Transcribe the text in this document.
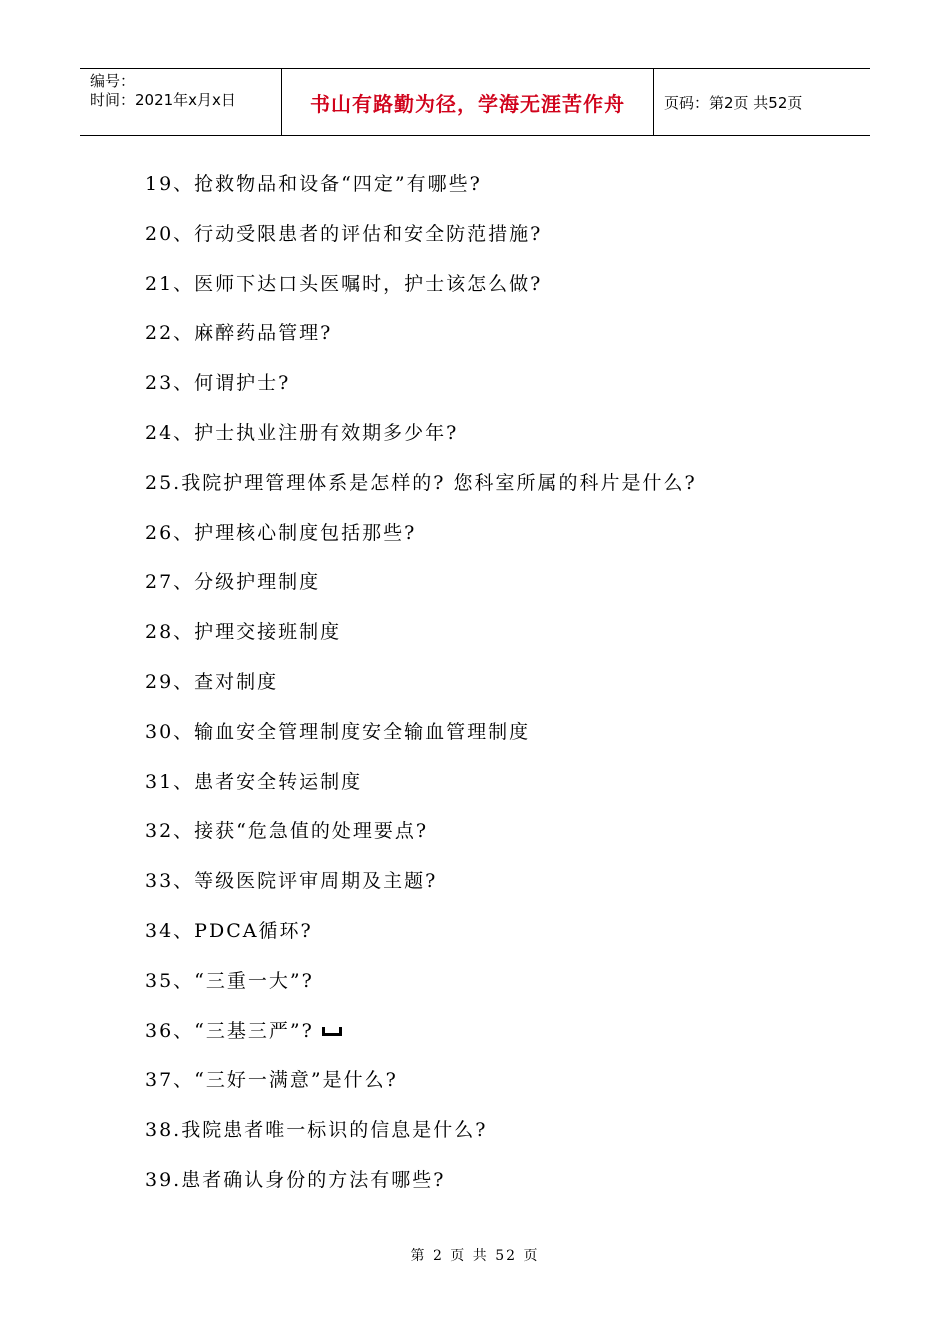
编号：
时间：2021年x月x日	书山有路勤为径，学海无涯苦作舟	页码：第2页 共52页
19、抢救物品和设备“四定”有哪些?
20、行动受限患者的评估和安全防范措施?
21、医师下达口头医嘱时，护士该怎么做?
22、麻醉药品管理?
23、何谓护士?
24、护士执业注册有效期多少年?
25.我院护理管理体系是怎样的? 您科室所属的科片是什么?
26、护理核心制度包括那些?
27、分级护理制度
28、护理交接班制度
29、查对制度
30、输血安全管理制度安全输血管理制度
31、患者安全转运制度
32、接获“危急值的处理要点?
33、等级医院评审周期及主题?
34、PDCA循环?
35、“三重一大”?
36、“三基三严”?
37、“三好一满意”是什么?
38.我院患者唯一标识的信息是什么?
39.患者确认身份的方法有哪些?
第 2 页 共 52 页
